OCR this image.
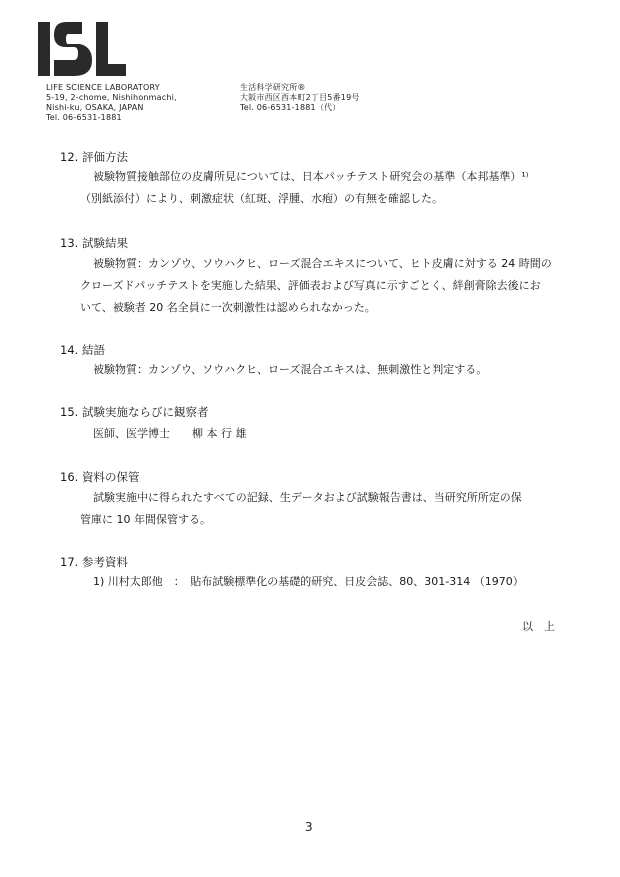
LIFE SCIENCE LABORATORY
5-19, 2-chome, Nishihonmachi,
Nishi-ku, OSAKA, JAPAN
Tel. 06-6531-1881
生活科学研究所®
大阪市西区西本町2丁目5番19号
Tel. 06-6531-1881（代）
12. 評価方法
被験物質接触部位の皮膚所見については、日本パッチテスト研究会の基準（本邦基準）¹⁾
（別紙添付）により、刺激症状（紅斑、浮腫、水疱）の有無を確認した。
13. 試験結果
被験物質：カンゾウ、ソウハクヒ、ローズ混合エキスについて、ヒト皮膚に対する 24 時間の
クローズドパッチテストを実施した結果、評価表および写真に示すごとく、絆創膏除去後にお
いて、被験者 20 名全員に一次刺激性は認められなかった。
14. 結語
被験物質：カンゾウ、ソウハクヒ、ローズ混合エキスは、無刺激性と判定する。
15. 試験実施ならびに観察者
医師、医学博士　　柳 本 行 雄
16. 資料の保管
試験実施中に得られたすべての記録、生データおよび試験報告書は、当研究所所定の保
管庫に 10 年間保管する。
17. 参考資料
1) 川村太郎他　：　貼布試験標準化の基礎的研究、日皮会誌、80、301-314 （1970）
以　上
3
